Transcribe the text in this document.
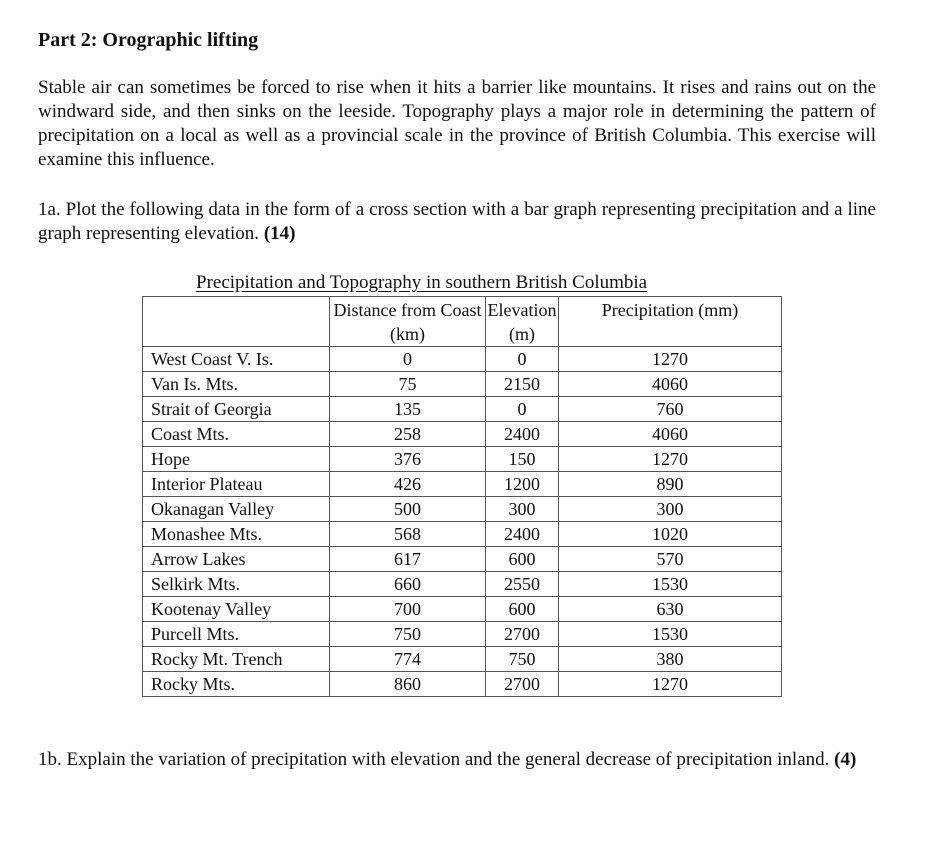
Part 2: Orographic lifting

Stable air can sometimes be forced to rise when it hits a barrier like mountains. It rises and rains out on the windward side, and then sinks on the leeside. Topography plays a major role in determining the pattern of precipitation on a local as well as a provincial scale in the province of British Columbia. This exercise will examine this influence.

1a. Plot the following data in the form of a cross section with a bar graph representing precipitation and a line graph representing elevation. (14)

Precipitation and Topography in southern British Columbia
	Distance from Coast (km)	Elevation (m)	Precipitation (mm)
West Coast V. Is.	0	0	1270
Van Is. Mts.	75	2150	4060
Strait of Georgia	135	0	760
Coast Mts.	258	2400	4060
Hope	376	150	1270
Interior Plateau	426	1200	890
Okanagan Valley	500	300	300
Monashee Mts.	568	2400	1020
Arrow Lakes	617	600	570
Selkirk Mts.	660	2550	1530
Kootenay Valley	700	600	630
Purcell Mts.	750	2700	1530
Rocky Mt. Trench	774	750	380
Rocky Mts.	860	2700	1270

1b. Explain the variation of precipitation with elevation and the general decrease of precipitation inland. (4)
